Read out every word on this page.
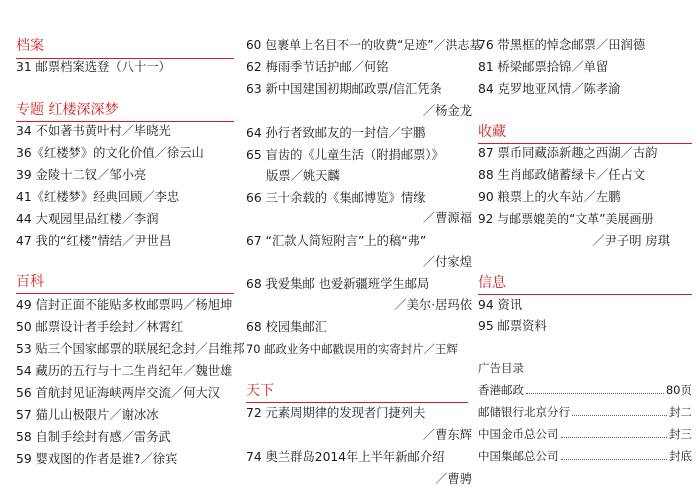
档案
31 邮票档案选登（八十一）
专题 红楼深深梦
34 不如著书黄叶村／毕晓光
36《红楼梦》的文化价值／徐云山
39 金陵十二钗／邹小亮
41《红楼梦》经典回顾／李忠
44 大观园里品红楼／李润
47 我的“红楼”情结／尹世昌
百科
49 信封正面不能贴多枚邮票吗／杨旭坤
50 邮票设计者手绘封／林霄红
53 贴三个国家邮票的联展纪念封／吕维邦
54 藏历的五行与十二生肖纪年／魏世雄
56 首航封见证海峡两岸交流／何大汉
57 猫儿山极限片／谢冰冰
58 自制手绘封有感／雷务武
59 婴戏图的作者是谁?／徐宾
60 包裹单上名目不一的收费“足迹”／洪志基
62 梅雨季节话护邮／何铭
63 新中国建国初期邮政票/信汇凭条
／杨金龙
64 孙行者致邮友的一封信／宇鹏
65 盲齿的《儿童生活（附捐邮票）》
版票／姚天麟
66 三十余载的《集邮博览》情缘
／曹源福
67 “汇款人简短附言”上的稿“弗”
／付家煌
68 我爱集邮 也爱新疆班学生邮局
／美尔·居玛依
68 校园集邮汇
70 邮政业务中邮戳误用的实寄封片／王辉
天下
72 元素周期律的发现者门捷列夫
／曹东辉
74 奥兰群岛2014年上半年新邮介绍
／曹骋
76 带黑框的悼念邮票／田润德
81 桥梁邮票拾锦／单留
84 克罗地亚风情／陈孝渝
收藏
87 票币同藏添新趣之西湖／古韵
88 生肖邮政储蓄绿卡／任占文
90 粮票上的火车站／左鹏
92 与邮票媲美的“文革”美展画册
／尹子明 房琪
信息
94 资讯
95 邮票资料
广告目录
香港邮政	80页
邮储银行北京分行	封二
中国金币总公司	封三
中国集邮总公司	封底
